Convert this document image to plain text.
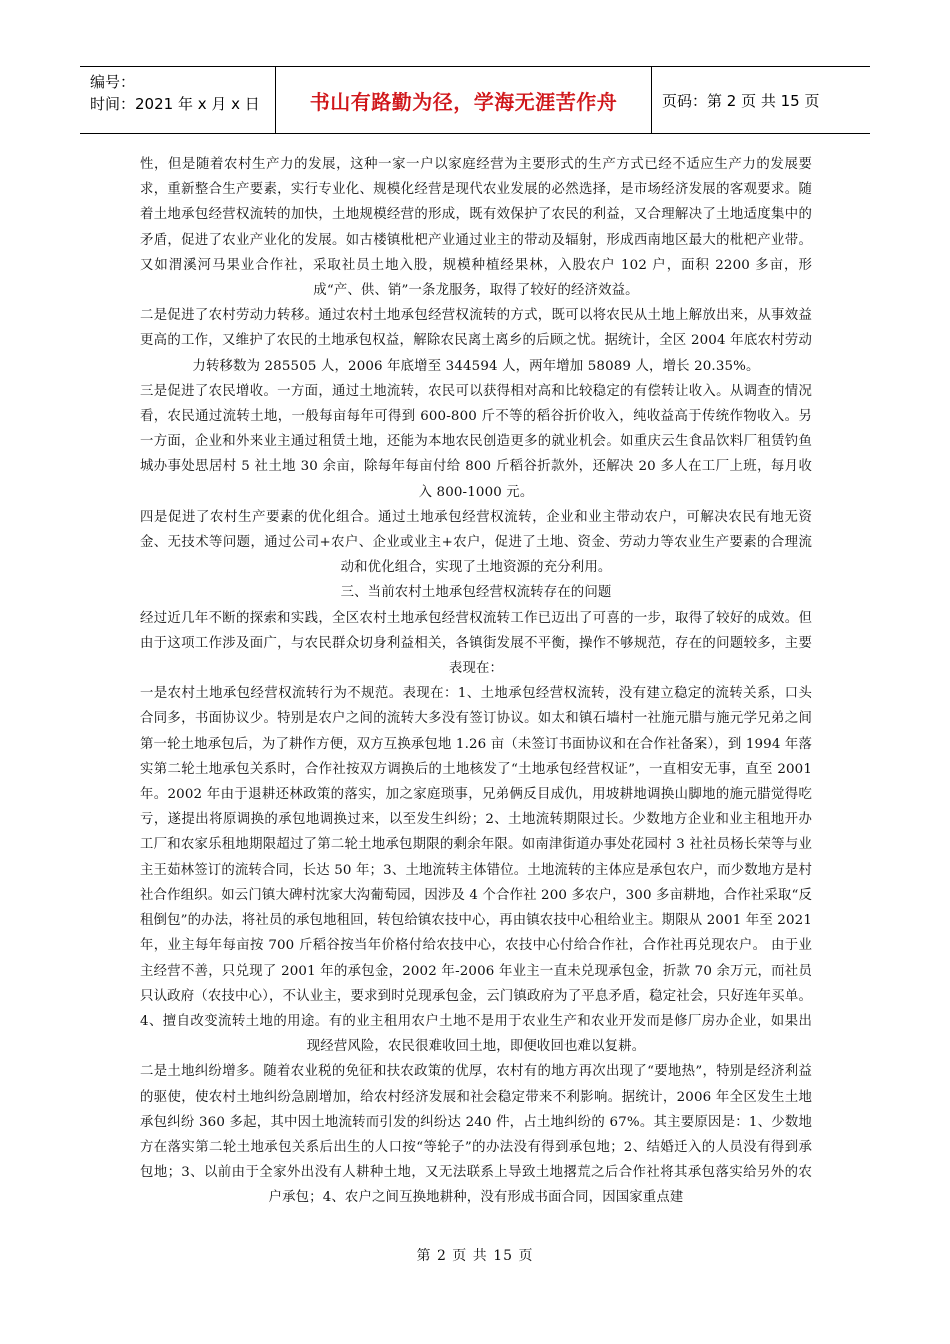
编号：
时间：2021 年 x 月 x 日	书山有路勤为径，学海无涯苦作舟	页码：第 2 页 共 15 页

性，但是随着农村生产力的发展，这种一家一户以家庭经营为主要形式的生产方式已经不适应生产力的发展要求，重新整合生产要素，实行专业化、规模化经营是现代农业发展的必然选择，是市场经济发展的客观要求。随着土地承包经营权流转的加快，土地规模经营的形成，既有效保护了农民的利益，又合理解决了土地适度集中的矛盾，促进了农业产业化的发展。如古楼镇枇杷产业通过业主的带动及辐射，形成西南地区最大的枇杷产业带。又如渭溪河马果业合作社，采取社员土地入股，规模种植经果林，入股农户 102 户，面积 2200 多亩，形成“产、供、销”一条龙服务，取得了较好的经济效益。

二是促进了农村劳动力转移。通过农村土地承包经营权流转的方式，既可以将农民从土地上解放出来，从事效益更高的工作，又维护了农民的土地承包权益，解除农民离土离乡的后顾之忧。据统计，全区 2004 年底农村劳动力转移数为 285505 人，2006 年底增至 344594 人，两年增加 58089 人，增长 20.35%。

三是促进了农民增收。一方面，通过土地流转，农民可以获得相对高和比较稳定的有偿转让收入。从调查的情况看，农民通过流转土地，一般每亩每年可得到 600-800 斤不等的稻谷折价收入，纯收益高于传统作物收入。另一方面，企业和外来业主通过租赁土地，还能为本地农民创造更多的就业机会。如重庆云生食品饮料厂租赁钓鱼城办事处思居村 5 社土地 30 余亩，除每年每亩付给 800 斤稻谷折款外，还解决 20 多人在工厂上班，每月收入 800-1000 元。

四是促进了农村生产要素的优化组合。通过土地承包经营权流转，企业和业主带动农户，可解决农民有地无资金、无技术等问题，通过公司+农户、企业或业主+农户，促进了土地、资金、劳动力等农业生产要素的合理流动和优化组合，实现了土地资源的充分利用。

三、当前农村土地承包经营权流转存在的问题

经过近几年不断的探索和实践，全区农村土地承包经营权流转工作已迈出了可喜的一步，取得了较好的成效。但由于这项工作涉及面广，与农民群众切身利益相关，各镇街发展不平衡，操作不够规范，存在的问题较多，主要表现在：

一是农村土地承包经营权流转行为不规范。表现在：1、土地承包经营权流转，没有建立稳定的流转关系，口头合同多，书面协议少。特别是农户之间的流转大多没有签订协议。如太和镇石墙村一社施元腊与施元学兄弟之间第一轮土地承包后，为了耕作方便，双方互换承包地 1.26 亩（未签订书面协议和在合作社备案），到 1994 年落实第二轮土地承包关系时，合作社按双方调换后的土地核发了“土地承包经营权证”，一直相安无事，直至 2001 年。2002 年由于退耕还林政策的落实，加之家庭琐事，兄弟俩反目成仇，用坡耕地调换山脚地的施元腊觉得吃亏，遂提出将原调换的承包地调换过来，以至发生纠纷；2、土地流转期限过长。少数地方企业和业主租地开办工厂和农家乐租地期限超过了第二轮土地承包期限的剩余年限。如南津街道办事处花园村 3 社社员杨长荣等与业主王茹林签订的流转合同，长达 50 年；3、土地流转主体错位。土地流转的主体应是承包农户，而少数地方是村社合作组织。如云门镇大碑村沈家大沟葡萄园，因涉及 4 个合作社 200 多农户，300 多亩耕地，合作社采取“反租倒包”的办法，将社员的承包地租回，转包给镇农技中心，再由镇农技中心租给业主。期限从 2001 年至 2021 年，业主每年每亩按 700 斤稻谷按当年价格付给农技中心，农技中心付给合作社，合作社再兑现农户。 由于业主经营不善，只兑现了 2001 年的承包金，2002 年-2006 年业主一直未兑现承包金，折款 70 余万元，而社员只认政府（农技中心），不认业主，要求到时兑现承包金，云门镇政府为了平息矛盾，稳定社会，只好连年买单。4、擅自改变流转土地的用途。有的业主租用农户土地不是用于农业生产和农业开发而是修厂房办企业，如果出现经营风险，农民很难收回土地，即便收回也难以复耕。

二是土地纠纷增多。随着农业税的免征和扶农政策的优厚，农村有的地方再次出现了“要地热”，特别是经济利益的驱使，使农村土地纠纷急剧增加，给农村经济发展和社会稳定带来不利影响。据统计，2006 年全区发生土地承包纠纷 360 多起，其中因土地流转而引发的纠纷达 240 件，占土地纠纷的 67%。其主要原因是：1、少数地方在落实第二轮土地承包关系后出生的人口按“等轮子”的办法没有得到承包地；2、结婚迁入的人员没有得到承包地；3、以前由于全家外出没有人耕种土地，又无法联系上导致土地撂荒之后合作社将其承包落实给另外的农户承包；4、农户之间互换地耕种，没有形成书面合同，因国家重点建

第 2 页 共 15 页
